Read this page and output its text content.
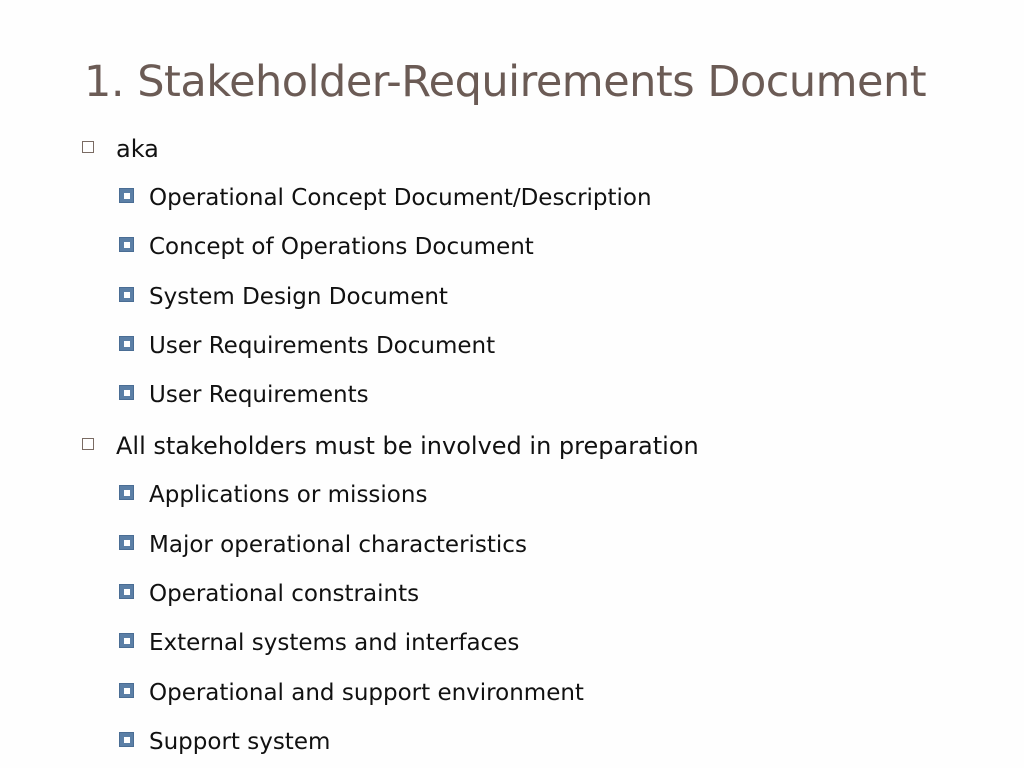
1. Stakeholder-Requirements Document
aka
Operational Concept Document/Description
Concept of Operations Document
System Design Document
User Requirements Document
User Requirements
All stakeholders must be involved in preparation
Applications or missions
Major operational characteristics
Operational constraints
External systems and interfaces
Operational and support environment
Support system
